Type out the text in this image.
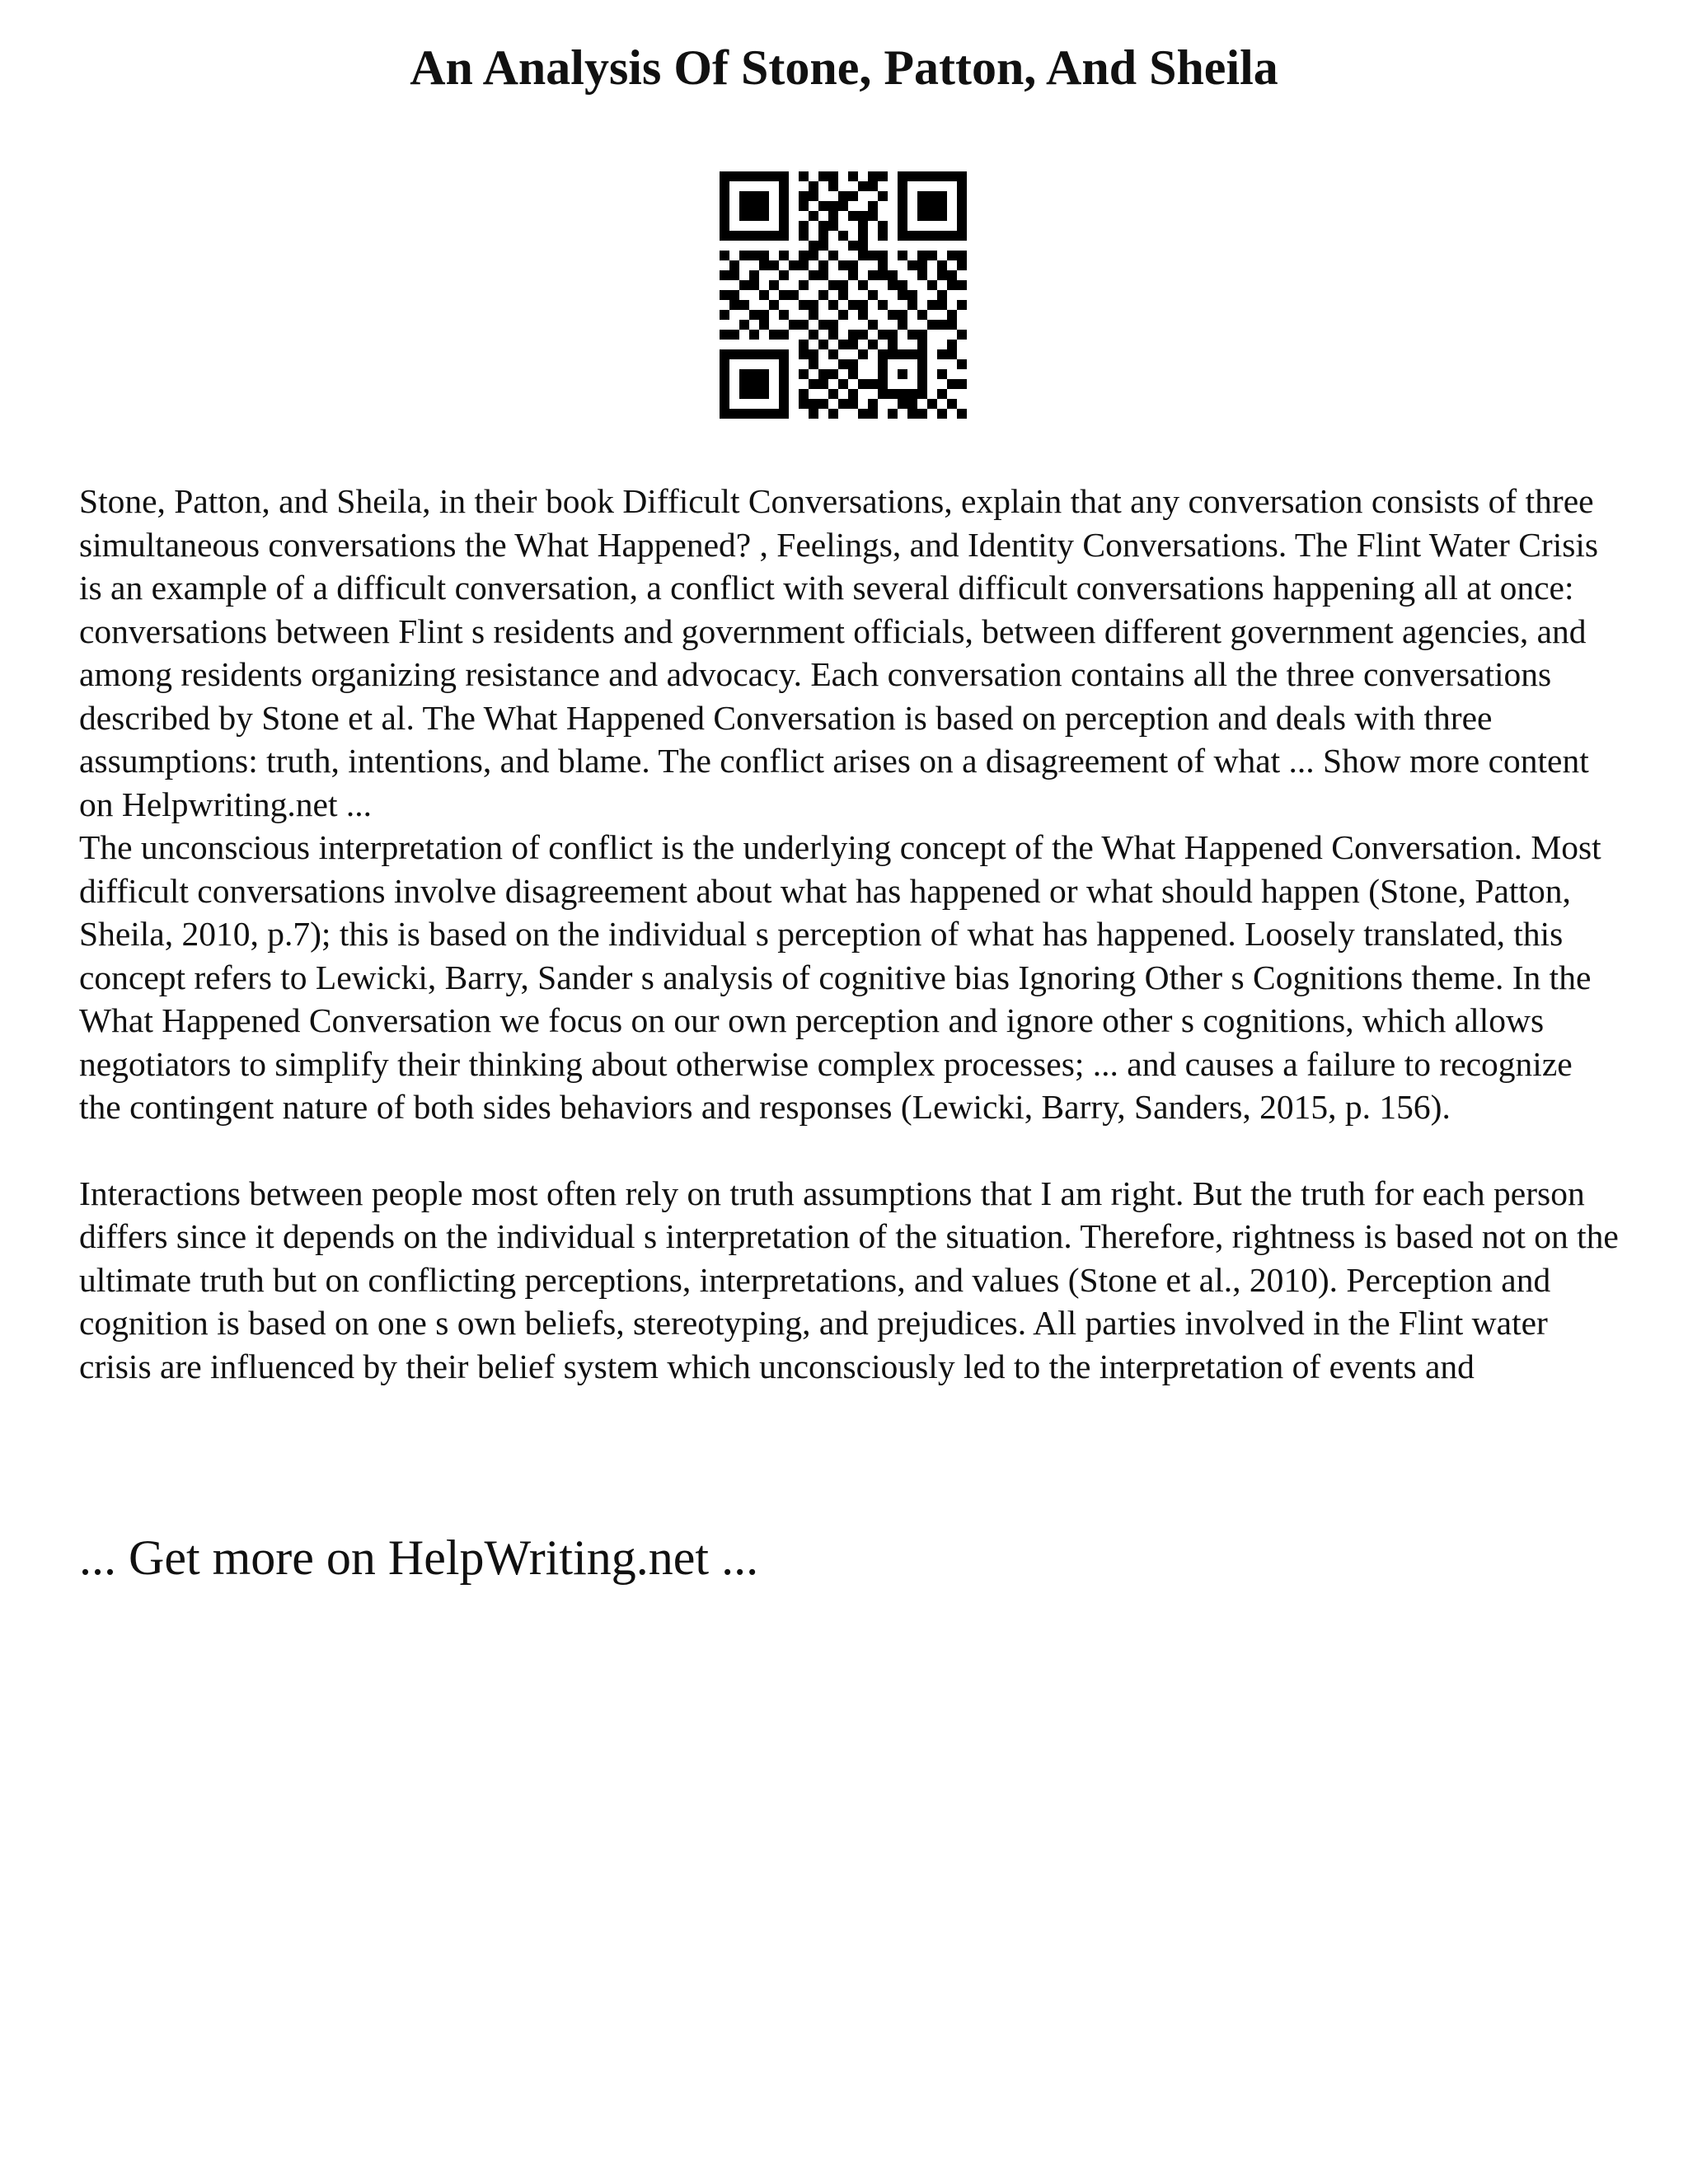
An Analysis Of Stone, Patton, And Sheila

Stone, Patton, and Sheila, in their book Difficult Conversations, explain that any conversation consists of three simultaneous conversations the What Happened? , Feelings, and Identity Conversations. The Flint Water Crisis is an example of a difficult conversation, a conflict with several difficult conversations happening all at once: conversations between Flint s residents and government officials, between different government agencies, and among residents organizing resistance and advocacy. Each conversation contains all the three conversations described by Stone et al. The What Happened Conversation is based on perception and deals with three assumptions: truth, intentions, and blame. The conflict arises on a disagreement of what ... Show more content on Helpwriting.net ...

The unconscious interpretation of conflict is the underlying concept of the What Happened Conversation. Most difficult conversations involve disagreement about what has happened or what should happen (Stone, Patton, Sheila, 2010, p.7); this is based on the individual s perception of what has happened. Loosely translated, this concept refers to Lewicki, Barry, Sander s analysis of cognitive bias Ignoring Other s Cognitions theme. In the What Happened Conversation we focus on our own perception and ignore other s cognitions, which allows negotiators to simplify their thinking about otherwise complex processes; ... and causes a failure to recognize the contingent nature of both sides behaviors and responses (Lewicki, Barry, Sanders, 2015, p. 156).

Interactions between people most often rely on truth assumptions that I am right. But the truth for each person differs since it depends on the individual s interpretation of the situation. Therefore, rightness is based not on the ultimate truth but on conflicting perceptions, interpretations, and values (Stone et al., 2010). Perception and cognition is based on one s own beliefs, stereotyping, and prejudices. All parties involved in the Flint water crisis are influenced by their belief system which unconsciously led to the interpretation of events and

... Get more on HelpWriting.net ...
